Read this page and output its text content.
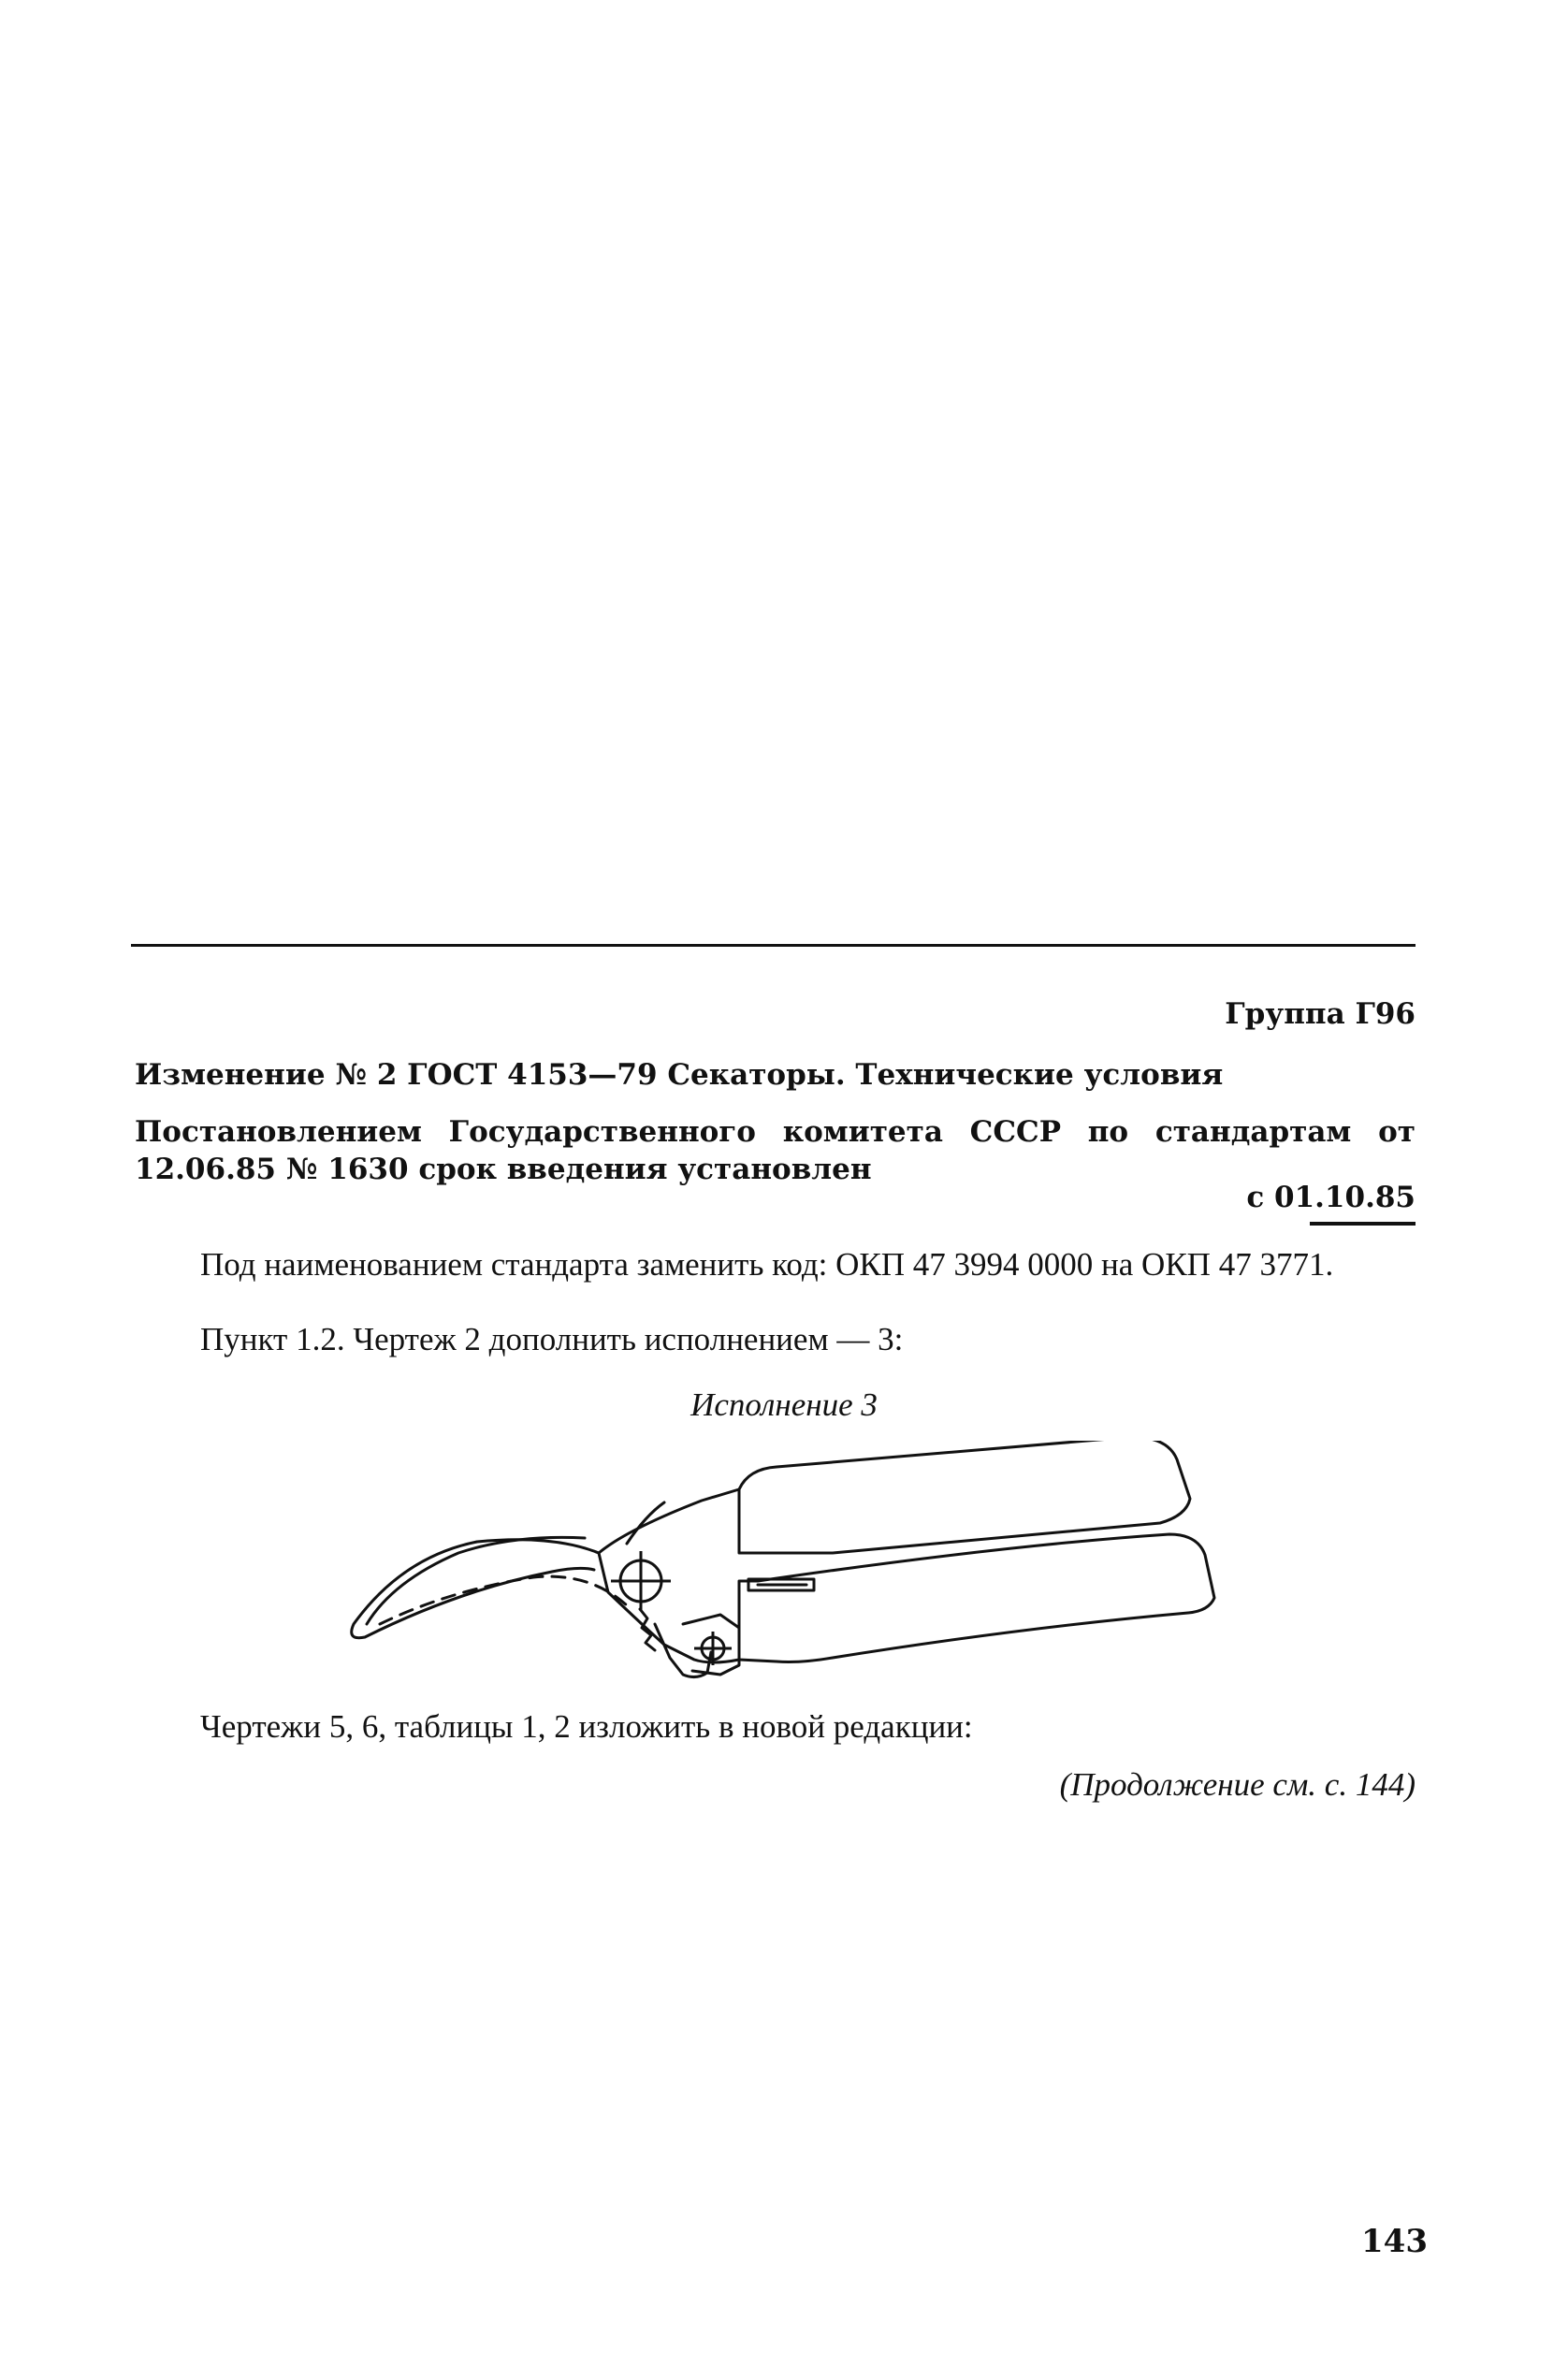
Группа Г96
Изменение № 2 ГОСТ 4153—79 Секаторы. Технические условия
Постановлением Государственного комитета СССР по стандартам от 12.06.85 № 1630 срок введения установлен
с 01.10.85
Под наименованием стандарта заменить код: ОКП 47 3994 0000 на ОКП 47 3771.
Пункт 1.2. Чертеж 2 дополнить исполнением — 3:
Исполнение 3
Чертежи 5, 6, таблицы 1, 2 изложить в новой редакции:
(Продолжение см. с. 144)
143
